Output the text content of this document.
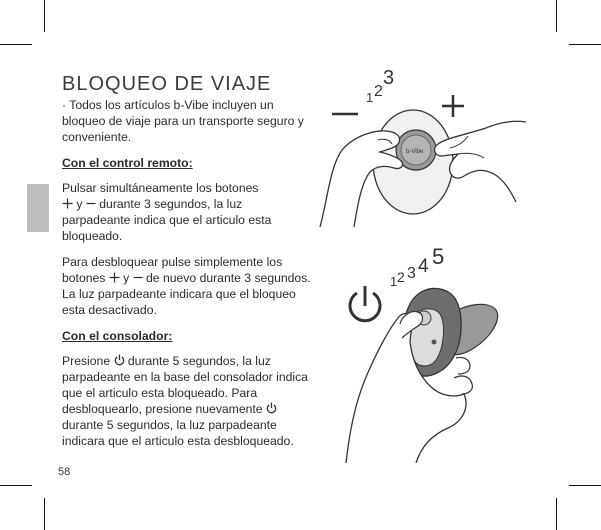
BLOQUEO DE VIAJE

· Todos los artículos b-Vibe incluyen un bloqueo de viaje para un transporte seguro y conveniente.

Con el control remoto:

Pulsar simultáneamente los botones
y durante 3 segundos, la luz parpadeante indica que el articulo esta bloqueado.

Para desbloquear pulse simplemente los botones y de nuevo durante 3 segundos. La luz parpadeante indicara que el bloqueo esta desactivado.

Con el consolador:

Presione durante 5 segundos, la luz parpadeante en la base del consolador indica que el articulo esta bloqueado. Para desbloquearlo, presione nuevamente  durante 5 segundos, la luz parpadeante indicara que el articulo esta desbloqueado.

1 2
3
b-Vibe
1 2 3 4 5
58
